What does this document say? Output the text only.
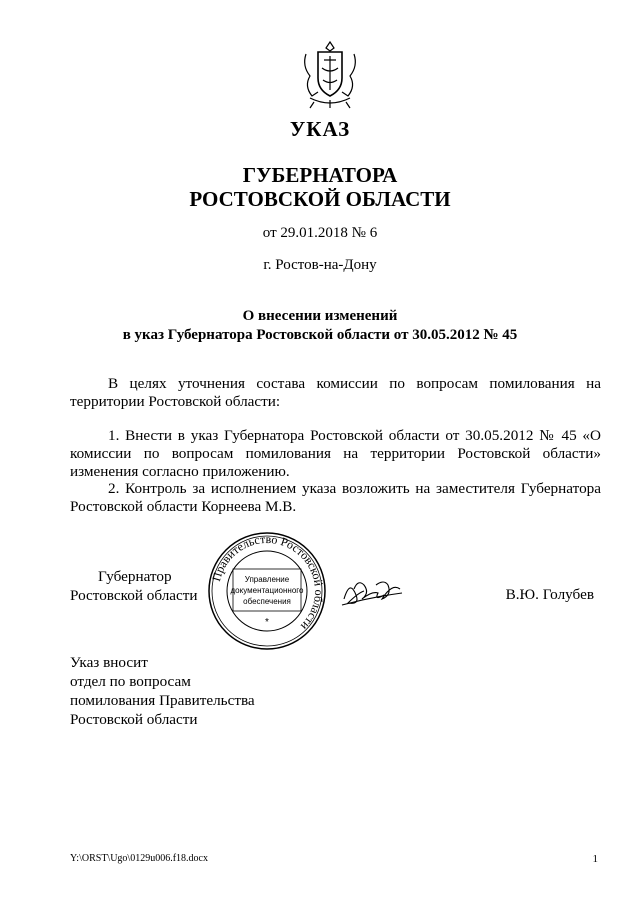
УКАЗ
ГУБЕРНАТОРА
РОСТОВСКОЙ ОБЛАСТИ
от 29.01.2018 № 6
г. Ростов-на-Дону
О внесении изменений
в указ Губернатора Ростовской области от 30.05.2012 № 45
В целях уточнения состава комиссии по вопросам помилования на территории Ростовской области:
1. Внести в указ Губернатора Ростовской области от 30.05.2012 № 45 «О комиссии по вопросам помилования на территории Ростовской области» изменения согласно приложению.
2. Контроль за исполнением указа возложить на заместителя Губернатора Ростовской области Корнеева М.В.
Губернатор
Ростовской области
Правительство Ростовской области
Управление
документационного
обеспечения
*
В.Ю. Голубев
Указ вносит
отдел по вопросам
помилования Правительства
Ростовской области
Y:\ORST\Ugo\0129u006.f18.docx	1
